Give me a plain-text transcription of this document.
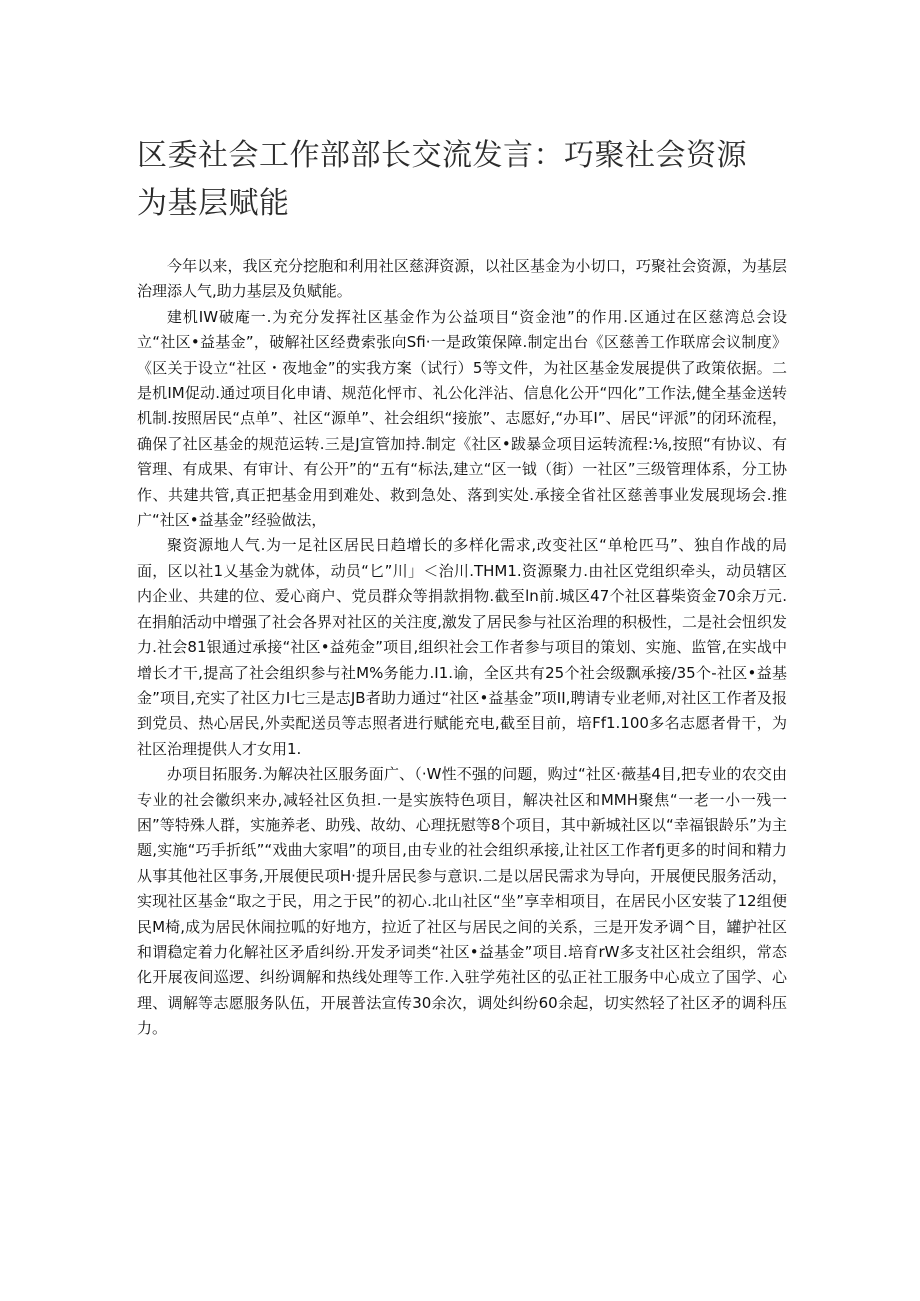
区委社会工作部部长交流发言：巧聚社会资源为基层赋能

今年以来，我区充分挖胞和利用社区慈湃资源，以社区基金为小切口，巧聚社会资源，为基层治理添人气,助力基层及负赋能。

建机IW破庵一.为充分发挥社区基金作为公益项目“资金池”的作用.区通过在区慈湾总会设立“社区•益基金”，破解社区经费索张向Sfi·一是政策保障.制定出台《区慈善工作联席会议制度》《区关于设立“社区・夜地金”的实我方案（试行）5等文件，为社区基金发展提供了政策依据。二是机IM促动.通过项目化申请、规范化怦市、礼公化泮沾、信息化公开“四化”工作法,健全基金送转机制.按照居民“点单”、社区“源单”、社会组织“接旅”、志愿好,“办耳I”、居民“评派”的闭环流程，确保了社区基金的规范运转.三是J宣管加持.制定《社区•跋暴佥项目运转流程:⅛,按照“有协议、有管理、有成果、有审计、有公开”的“五有“标法,建立“区一钺（街）一社区”三级管理体系，分工协作、共建共管,真正把基金用到难处、救到急处、落到实处.承接全省社区慈善事业发展现场会.推广“社区•益基金”经验做法，

聚资源地人气.为一足社区居民日趋增长的多样化需求,改变社区“单枪匹马”、独自作战的局面，区以社1乂基金为就体，动员“匕”川」＜治川.THM1.资源聚力.由社区党组织牵头，动员辖区内企业、共建的位、爱心商户、党员群众等捐款捐物.截至ln前.城区47个社区暮柴资金70余万元.在捐舶活动中增强了社会各界对社区的关注度,激发了居民参与社区治理的积极性，二是社会忸织发力.社会81银通过承接“社区•益苑金”项目,组织社会工作者参与项目的策划、实施、监管,在实战中增长才干,提高了社会组织参与社M%务能力.I1.谕，全区共有25个社会级飘承接∕35个-社区•益基金”项目,充实了社区力I七三是志JB者助力通过“社区•益基金”项II,聘请专业老师,对社区工作者及报到党员、热心居民,外卖配送员等志照者进行赋能充电,截至目前，培Ff1.100多名志愿者骨干，为社区治理提供人才女用1.

办项目拓服务.为解决社区服务面广、（·W性不强的问题，购过“社区·薇基4目,把专业的农交由专业的社会徽织来办,减轻社区负担.一是实族特色项目，解决社区和MMH聚焦“一老一小一残一困”等特殊人群，实施养老、助残、故幼、心理抚慰等8个项目，其中新城社区以“幸福银龄乐”为主题,实施“巧手折纸”“戏曲大家唱”的项目,由专业的社会组织承接,让社区工作者fj更多的时间和精力从事其他社区事务,开展便民项H·提升居民参与意识.二是以居民需求为导向，开展便民服务活动，实现社区基金“取之于民，用之于民”的初心.北山社区“坐”享幸相项目，在居民小区安装了12组便民M椅,成为居民休闹拉呱的好地方，拉近了社区与居民之间的关系，三是开发矛调^目，罐护社区和谓稳定着力化解社区矛盾纠纷.开发矛词类“社区•益基金”项目.培育rW多支社区社会组织，常态化开展夜间巡逻、纠纷调解和热线处理等工作.入驻学苑社区的弘正社工服务中心成立了国学、心理、调解等志愿服务队伍，开展普法宣传30余次，调处纠纷60余起，切实然轻了社区矛的调科压力。
